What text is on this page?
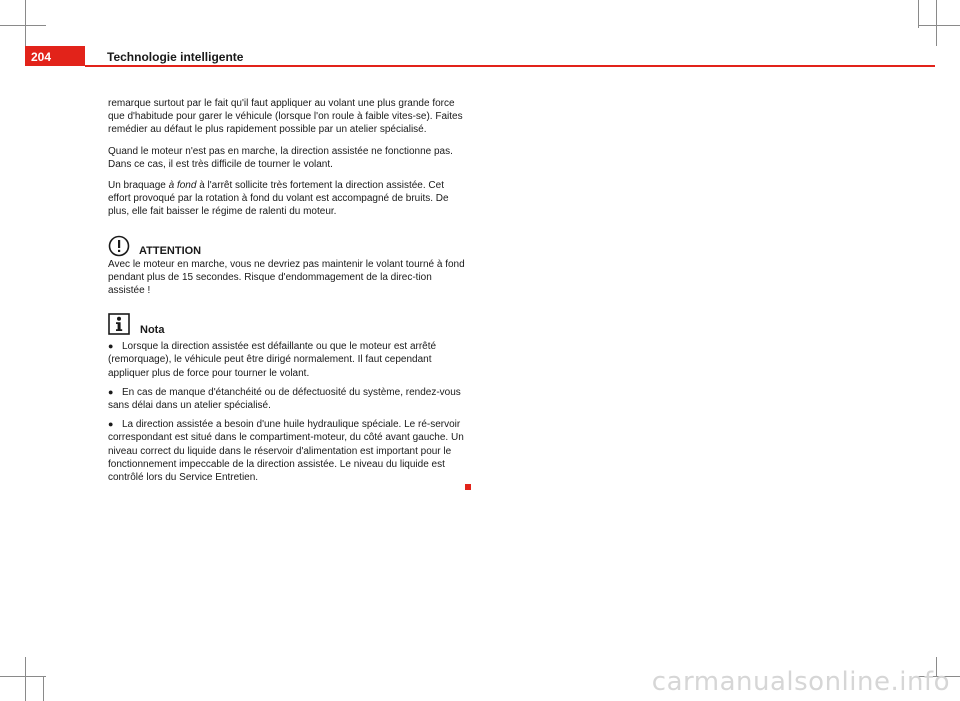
204	Technologie intelligente

remarque surtout par le fait qu'il faut appliquer au volant une plus grande force que d'habitude pour garer le véhicule (lorsque l'on roule à faible vites-se). Faites remédier au défaut le plus rapidement possible par un atelier spécialisé.

Quand le moteur n'est pas en marche, la direction assistée ne fonctionne pas. Dans ce cas, il est très difficile de tourner le volant.

Un braquage à fond à l'arrêt sollicite très fortement la direction assistée. Cet effort provoqué par la rotation à fond du volant est accompagné de bruits. De plus, elle fait baisser le régime de ralenti du moteur.

ATTENTION

Avec le moteur en marche, vous ne devriez pas maintenir le volant tourné à fond pendant plus de 15 secondes. Risque d'endommagement de la direc-tion assistée !

Nota
● Lorsque la direction assistée est défaillante ou que le moteur est arrêté (remorquage), le véhicule peut être dirigé normalement. Il faut cependant appliquer plus de force pour tourner le volant.
● En cas de manque d'étanchéité ou de défectuosité du système, rendez-vous sans délai dans un atelier spécialisé.
● La direction assistée a besoin d'une huile hydraulique spéciale. Le ré-servoir correspondant est situé dans le compartiment-moteur, du côté avant gauche. Un niveau correct du liquide dans le réservoir d'alimentation est important pour le fonctionnement impeccable de la direction assistée. Le niveau du liquide est contrôlé lors du Service Entretien.
carmanualsonline.info
